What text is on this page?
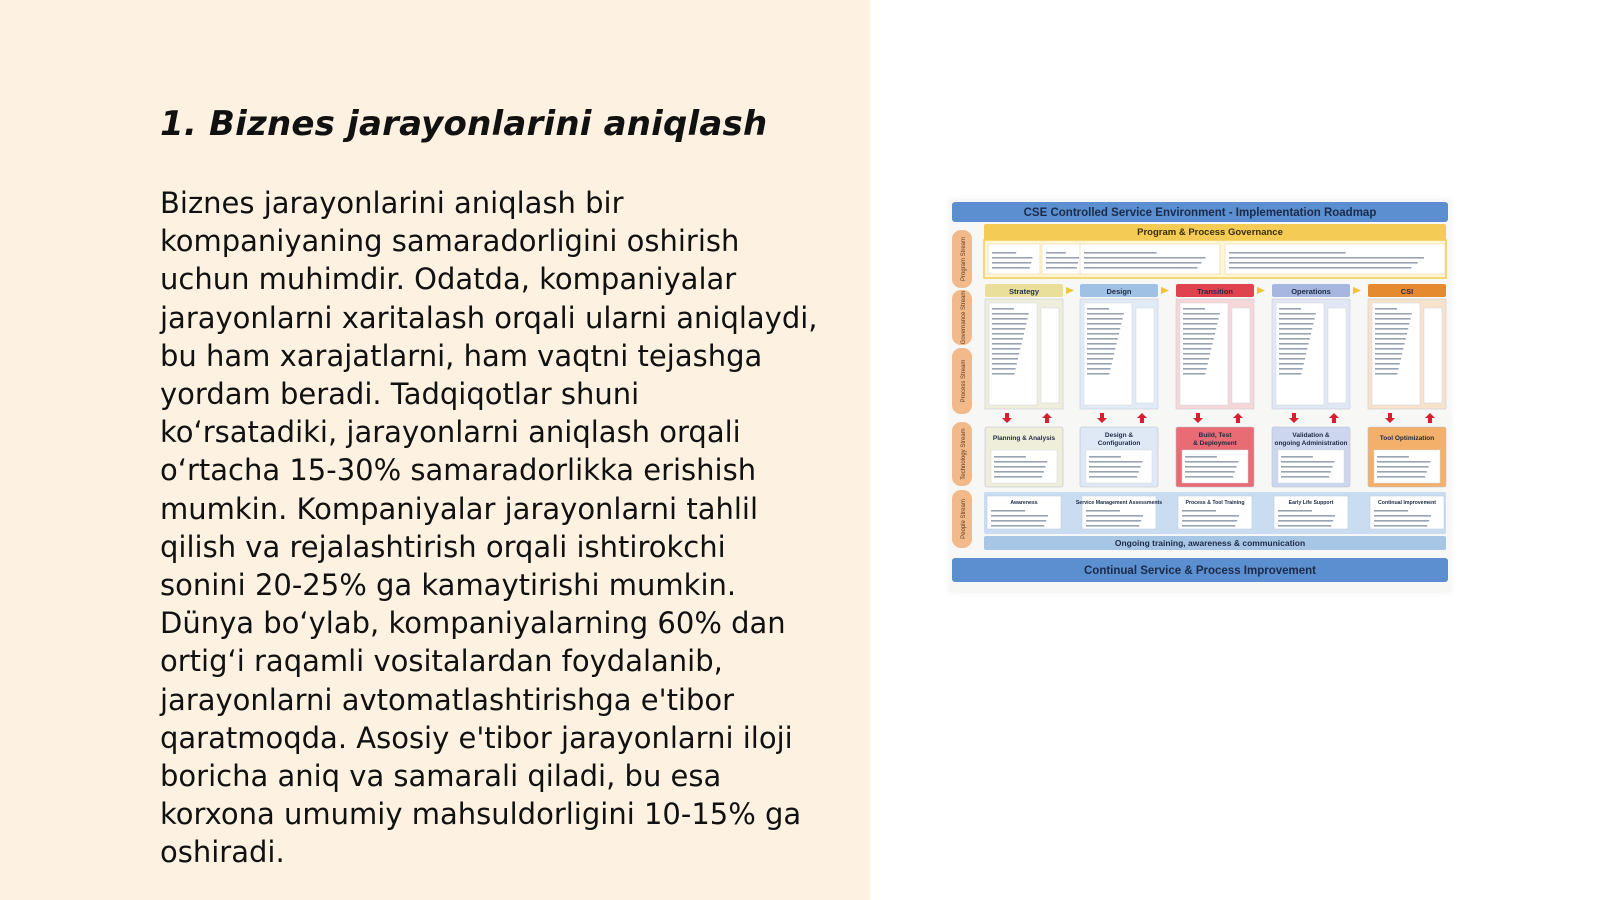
1. Biznes jarayonlarini aniqlash
Biznes jarayonlarini aniqlash bir
kompaniyaning samaradorligini oshirish
uchun muhimdir. Odatda, kompaniyalar
jarayonlarni xaritalash orqali ularni aniqlaydi,
bu ham xarajatlarni, ham vaqtni tejashga
yordam beradi. Tadqiqotlar shuni
koʻrsatadiki, jarayonlarni aniqlash orqali
oʻrtacha 15-30% samaradorlikka erishish
mumkin. Kompaniyalar jarayonlarni tahlil
qilish va rejalashtirish orqali ishtirokchi
sonini 20-25% ga kamaytirishi mumkin.
Dünya boʻylab, kompaniyalarning 60% dan
ortigʻi raqamli vositalardan foydalanib,
jarayonlarni avtomatlashtirishga e'tibor
qaratmoqda. Asosiy e'tibor jarayonlarni iloji
boricha aniq va samarali qiladi, bu esa
korxona umumiy mahsuldorligini 10-15% ga
oshiradi.
CSE Controlled Service Environment - Implementation Roadmap
Program Stream
Governance Stream
Process Stream
Technology Stream
People Stream
Program & Process Governance
Strategy	Design	Transition	Operations	CSI
Planning & Analysis	Design &
Configuration
Build, Test
& Deployment
Validation &
ongoing Administration
Tool Optimization
Awareness	Service Management Assessments	Process & Tool Training	Early Life Support	Continual Improvement
Ongoing training, awareness & communication
Continual Service & Process Improvement
